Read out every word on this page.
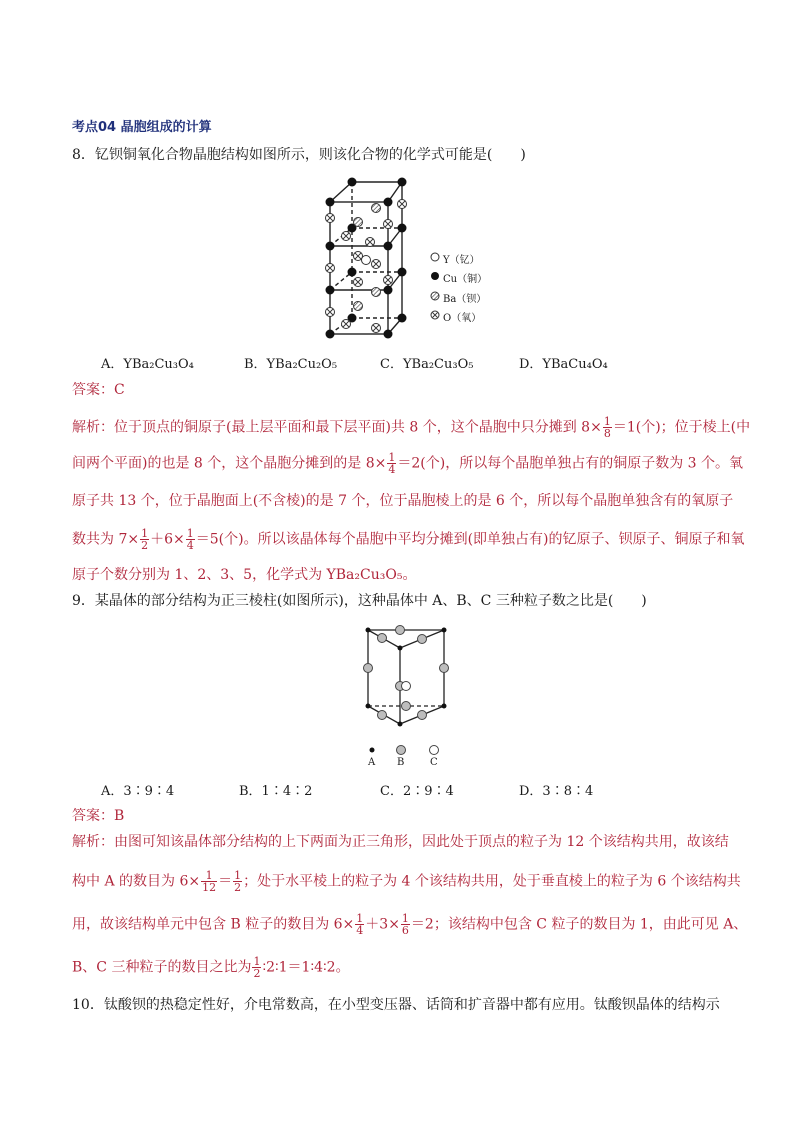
考点04 晶胞组成的计算
8．钇钡铜氧化合物晶胞结构如图所示，则该化合物的化学式可能是(　　)
Y（钇）
Cu（铜）
Ba（钡）
O（氧）
A．YBa₂Cu₃O₄	B．YBa₂Cu₂O₅	C．YBa₂Cu₃O₅	D．YBaCu₄O₄
答案：C
解析：位于顶点的铜原子(最上层平面和最下层平面)共 8 个，这个晶胞中只分摊到 $8\times \frac{1}{8} =1$(个)；位于棱上(中
间两个平面)的也是 8 个，这个晶胞分摊到的是 $8\times \frac{1}{4} =2$(个)，所以每个晶胞单独占有的铜原子数为 3 个。氧
原子共 13 个，位于晶胞面上(不含棱)的是 7 个，位于晶胞棱上的是 6 个，所以每个晶胞单独含有的氧原子
数共为 $7\times \frac{1}{2} +6\times \frac{1}{4} =5$(个)。所以该晶体每个晶胞中平均分摊到(即单独占有)的钇原子、钡原子、铜原子和氧
原子个数分别为 1、2、3、5，化学式为 YBa₂Cu₃O₅。
9．某晶体的部分结构为正三棱柱(如图所示)，这种晶体中 A、B、C 三种粒子数之比是(　　)
A B	C
A．3∶9∶4	B．1∶4∶2	C．2∶9∶4	D．3∶8∶4
答案：B
解析：由图可知该晶体部分结构的上下两面为正三角形，因此处于顶点的粒子为 12 个该结构共用，故该结
构中 A 的数目为 $6\times \frac{1}{12} = \frac{1}{2}$ ；处于水平棱上的粒子为 4 个该结构共用，处于垂直棱上的粒子为 6 个该结构共
用，故该结构单元中包含 B 粒子的数目为 $6\times \frac{1}{4} +3\times \frac{1}{6} =2$；该结构中包含 C 粒子的数目为 1，由此可见 A、
B、C 三种粒子的数目之比为 $\frac{1}{2}$ ∶2∶1＝1∶4∶2。
10．钛酸钡的热稳定性好，介电常数高，在小型变压器、话筒和扩音器中都有应用。钛酸钡晶体的结构示
